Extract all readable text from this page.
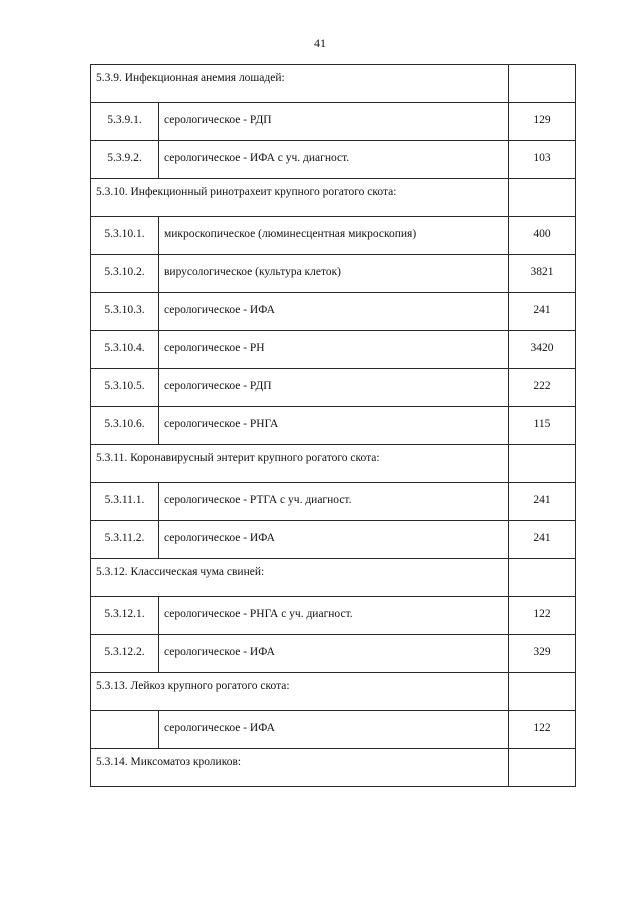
41
5.3.9. Инфекционная анемия лошадей:		
5.3.9.1.	серологическое - РДП	129
5.3.9.2.	серологическое - ИФА с уч. диагност.	103
5.3.10. Инфекционный ринотрахеит крупного рогатого скота:		
5.3.10.1.	микроскопическое (люминесцентная микроскопия)	400
5.3.10.2.	вирусологическое (культура клеток)	3821
5.3.10.3.	серологическое - ИФА	241
5.3.10.4.	серологическое - РН	3420
5.3.10.5.	серологическое - РДП	222
5.3.10.6.	серологическое - РНГА	115
5.3.11. Коронавирусный энтерит крупного рогатого скота:		
5.3.11.1.	серологическое - РТГА с уч. диагност.	241
5.3.11.2.	серологическое - ИФА	241
5.3.12. Классическая чума свиней:		
5.3.12.1.	серологическое - РНГА с уч. диагност.	122
5.3.12.2.	серологическое - ИФА	329
5.3.13. Лейкоз крупного рогатого скота:		
	серологическое - ИФА	122
5.3.14. Миксоматоз кроликов:		
